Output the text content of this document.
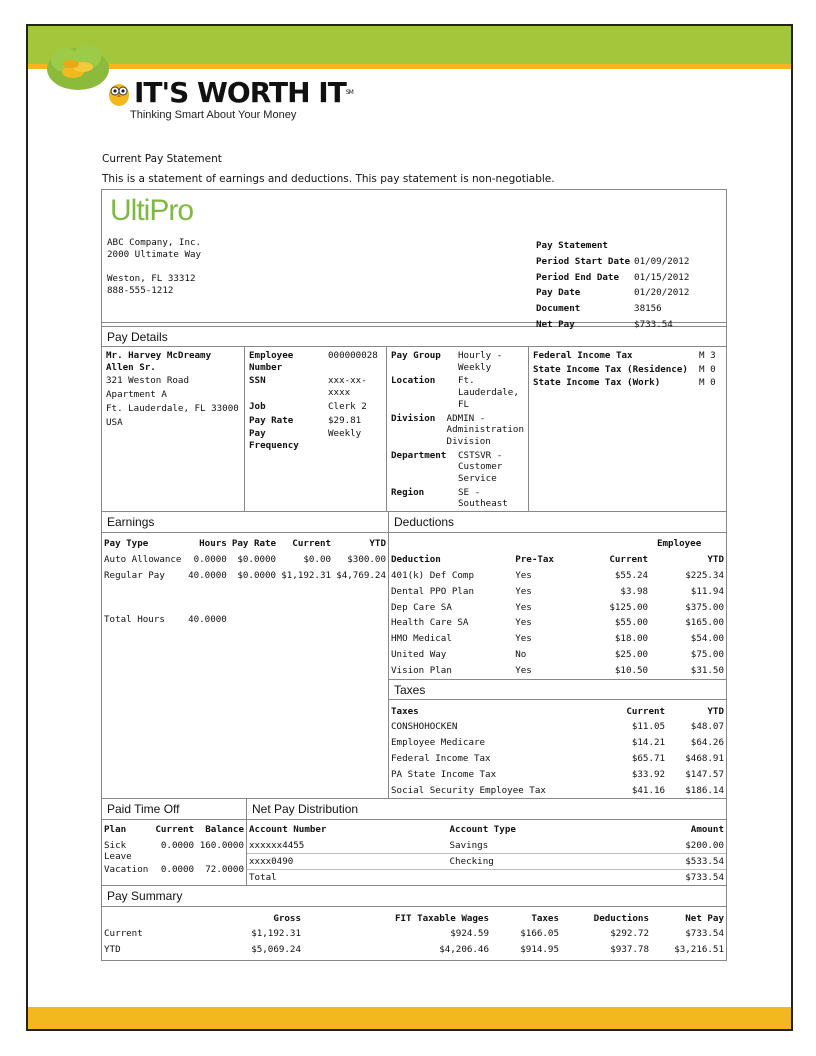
IT'S WORTH IT SM
Thinking Smart About Your Money
Current Pay Statement
This is a statement of earnings and deductions. This pay statement is non-negotiable.
UltiPro
ABC Company, Inc.
2000 Ultimate Way
Weston, FL 33312
888-555-1212
Pay Statement	
Period Start Date	01/09/2012
Period End Date	01/15/2012
Pay Date	01/20/2012
Document	38156
Net Pay	$733.54
Pay Details
Mr. Harvey McDreamy
Allen Sr.
321 Weston Road
Apartment A
Ft. Lauderdale, FL 33000
USA
Employee
Number
000000028
SSN	xxx-xx-
xxxx
Job	Clerk 2
Pay Rate	$29.81
Pay
Frequency
Weekly
Pay Group	Hourly -
Weekly
Location	Ft.
Lauderdale,
FL
Division	ADMIN -
Administration
Division
Department	CSTSVR -
Customer
Service
Region	SE -
Southeast
Federal Income Tax	M 3
State Income Tax (Residence)	M 0
State Income Tax (Work)	M 0
Earnings
Pay Type	Hours	Pay Rate	Current	YTD
Auto Allowance	0.0000	$0.0000	$0.00	$300.00
Regular Pay	40.0000	$0.0000	$1,192.31	$4,769.24

Total Hours	40.0000			
Deductions
		Employee	
Deduction	Pre-Tax	Current	YTD
401(k) Def Comp	Yes	$55.24	$225.34
Dental PPO Plan	Yes	$3.98	$11.94
Dep Care SA	Yes	$125.00	$375.00
Health Care SA	Yes	$55.00	$165.00
HMO Medical	Yes	$18.00	$54.00
United Way	No	$25.00	$75.00
Vision Plan	Yes	$10.50	$31.50
Taxes
Taxes	Current	YTD
CONSHOHOCKEN	$11.05	$48.07
Employee Medicare	$14.21	$64.26
Federal Income Tax	$65.71	$468.91
PA State Income Tax	$33.92	$147.57
Social Security Employee Tax	$41.16	$186.14
Paid Time Off
Plan	Current	Balance

Sick
Leave	0.0000	160.0000
Vacation	0.0000	72.0000
Net Pay Distribution
Account Number	Account Type	Amount
xxxxxx4455	Savings	$200.00
xxxx0490	Checking	$533.54
Total		$733.54
Pay Summary
	Gross	FIT Taxable Wages	Taxes	Deductions	Net Pay
Current	$1,192.31	$924.59	$166.05	$292.72	$733.54
YTD	$5,069.24	$4,206.46	$914.95	$937.78	$3,216.51
